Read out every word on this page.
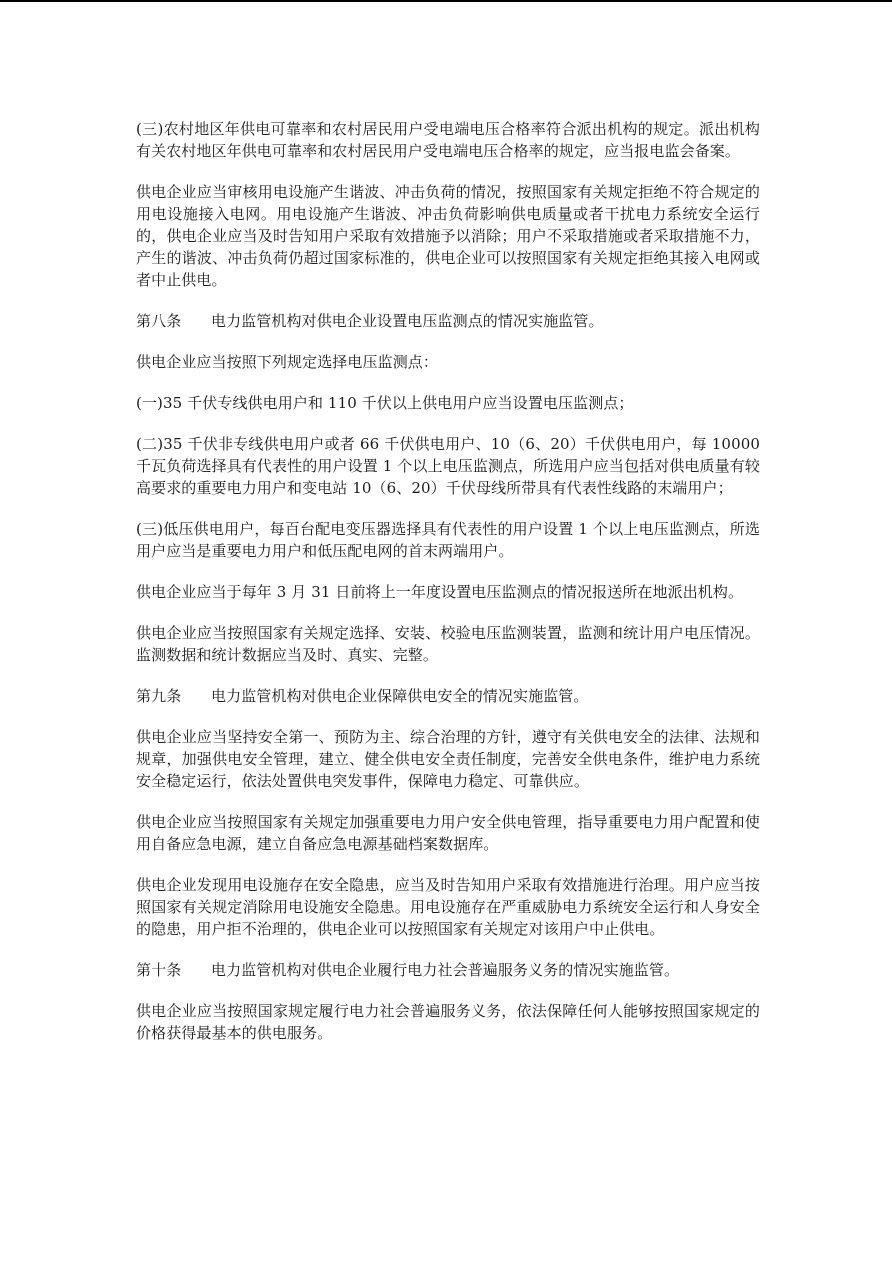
(三)农村地区年供电可靠率和农村居民用户受电端电压合格率符合派出机构的规定。派出机构有关农村地区年供电可靠率和农村居民用户受电端电压合格率的规定，应当报电监会备案。

供电企业应当审核用电设施产生谐波、冲击负荷的情况，按照国家有关规定拒绝不符合规定的用电设施接入电网。用电设施产生谐波、冲击负荷影响供电质量或者干扰电力系统安全运行的，供电企业应当及时告知用户采取有效措施予以消除；用户不采取措施或者采取措施不力，产生的谐波、冲击负荷仍超过国家标准的，供电企业可以按照国家有关规定拒绝其接入电网或者中止供电。

第八条 电力监管机构对供电企业设置电压监测点的情况实施监管。

供电企业应当按照下列规定选择电压监测点：

(一)35 千伏专线供电用户和 110 千伏以上供电用户应当设置电压监测点；

(二)35 千伏非专线供电用户或者 66 千伏供电用户、10（6、20）千伏供电用户，每 10000 千瓦负荷选择具有代表性的用户设置 1 个以上电压监测点，所选用户应当包括对供电质量有较高要求的重要电力用户和变电站 10（6、20）千伏母线所带具有代表性线路的末端用户；

(三)低压供电用户，每百台配电变压器选择具有代表性的用户设置 1 个以上电压监测点，所选用户应当是重要电力用户和低压配电网的首末两端用户。

供电企业应当于每年 3 月 31 日前将上一年度设置电压监测点的情况报送所在地派出机构。

供电企业应当按照国家有关规定选择、安装、校验电压监测装置，监测和统计用户电压情况。监测数据和统计数据应当及时、真实、完整。

第九条 电力监管机构对供电企业保障供电安全的情况实施监管。

供电企业应当坚持安全第一、预防为主、综合治理的方针，遵守有关供电安全的法律、法规和规章，加强供电安全管理，建立、健全供电安全责任制度，完善安全供电条件，维护电力系统安全稳定运行，依法处置供电突发事件，保障电力稳定、可靠供应。

供电企业应当按照国家有关规定加强重要电力用户安全供电管理，指导重要电力用户配置和使用自备应急电源，建立自备应急电源基础档案数据库。

供电企业发现用电设施存在安全隐患，应当及时告知用户采取有效措施进行治理。用户应当按照国家有关规定消除用电设施安全隐患。用电设施存在严重威胁电力系统安全运行和人身安全的隐患，用户拒不治理的，供电企业可以按照国家有关规定对该用户中止供电。

第十条 电力监管机构对供电企业履行电力社会普遍服务义务的情况实施监管。

供电企业应当按照国家规定履行电力社会普遍服务义务，依法保障任何人能够按照国家规定的价格获得最基本的供电服务。
